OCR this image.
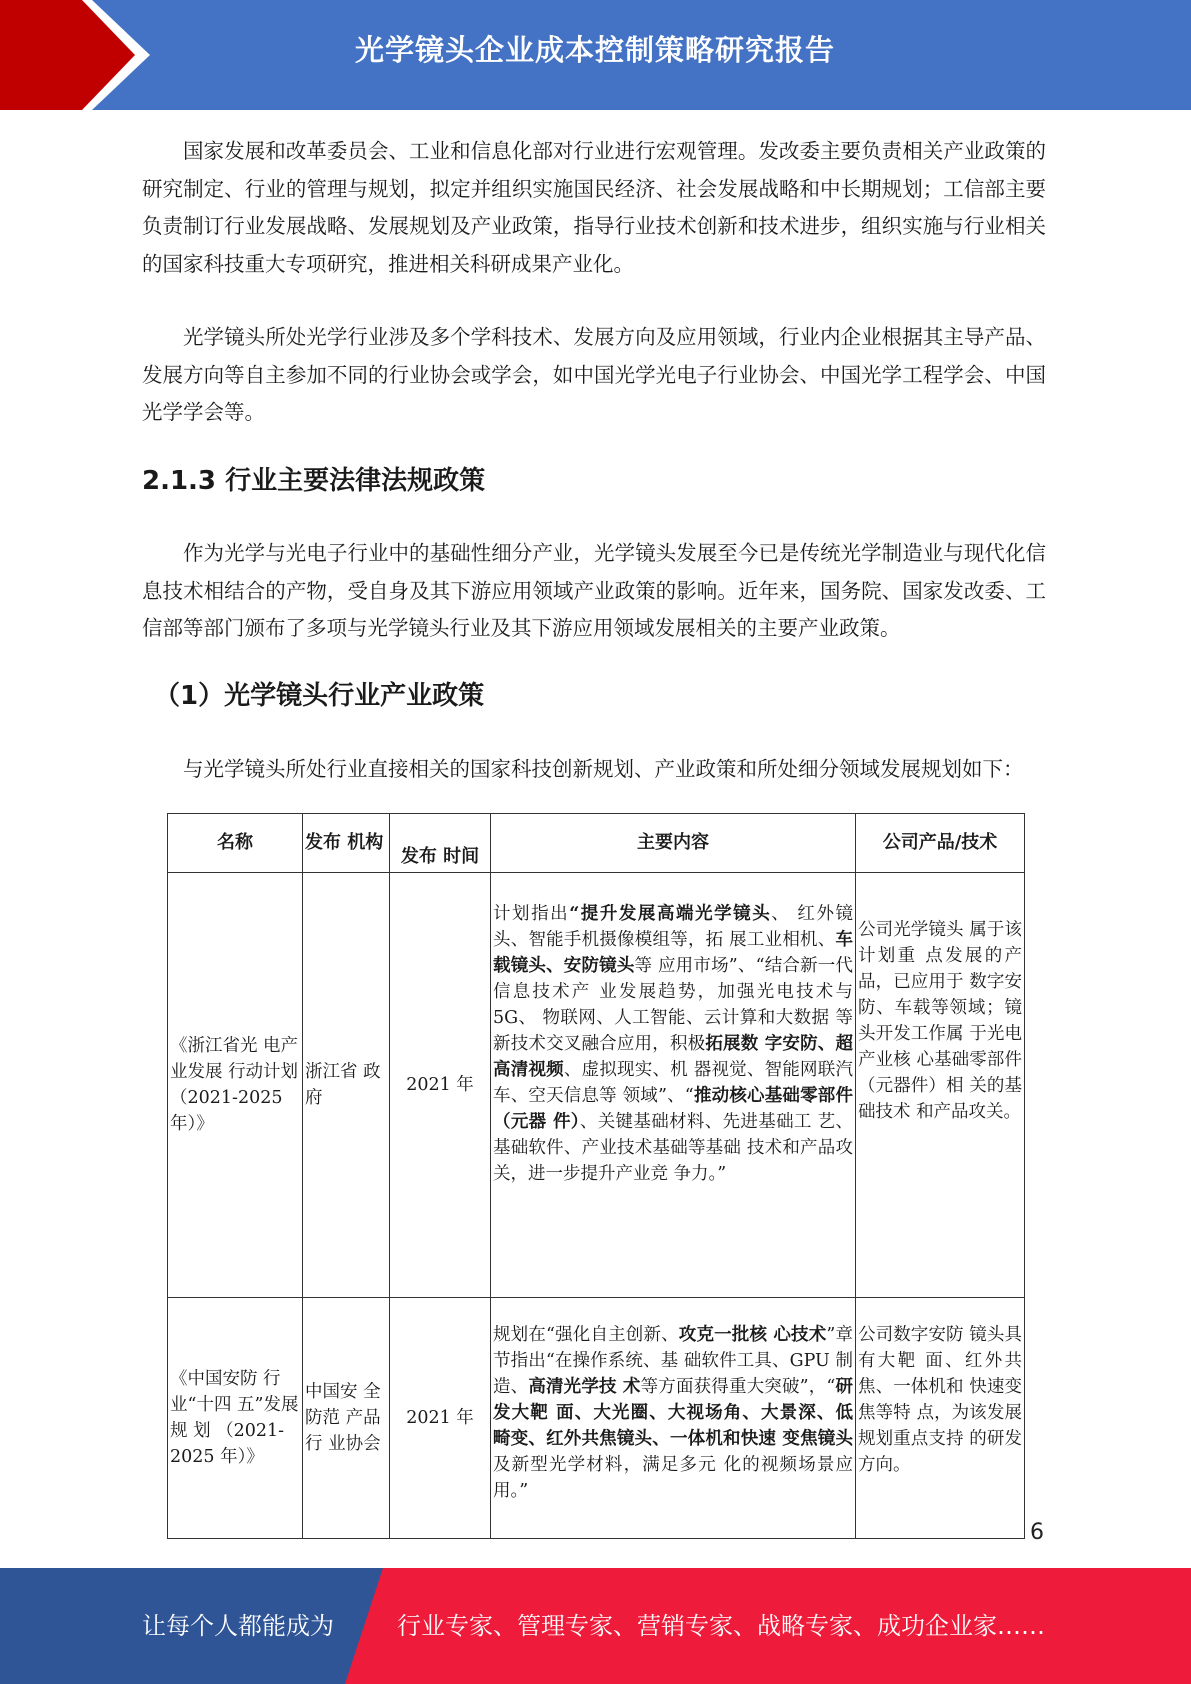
光学镜头企业成本控制策略研究报告

国家发展和改革委员会、工业和信息化部对行业进行宏观管理。发改委主要负责相关产业政策的研究制定、行业的管理与规划，拟定并组织实施国民经济、社会发展战略和中长期规划；工信部主要负责制订行业发展战略、发展规划及产业政策，指导行业技术创新和技术进步，组织实施与行业相关的国家科技重大专项研究，推进相关科研成果产业化。

光学镜头所处光学行业涉及多个学科技术、发展方向及应用领域，行业内企业根据其主导产品、发展方向等自主参加不同的行业协会或学会，如中国光学光电子行业协会、中国光学工程学会、中国光学学会等。

2.1.3 行业主要法律法规政策

作为光学与光电子行业中的基础性细分产业，光学镜头发展至今已是传统光学制造业与现代化信息技术相结合的产物，受自身及其下游应用领域产业政策的影响。近年来，国务院、国家发改委、工信部等部门颁布了多项与光学镜头行业及其下游应用领域发展相关的主要产业政策。

（1）光学镜头行业产业政策

与光学镜头所处行业直接相关的国家科技创新规划、产业政策和所处细分领域发展规划如下：

名称	发布 机构	发布 时间	主要内容	公司产品/技术
《浙江省光 电产业发展 行动计划 （2021-2025 年）》	浙江省 政府	2021 年	计划指出“提升发展高端光学镜头、 红外镜头、智能手机摄像模组等，拓 展工业相机、车载镜头、安防镜头等 应用市场”、“结合新一代信息技术产 业发展趋势，加强光电技术与 5G、 物联网、人工智能、云计算和大数据 等新技术交叉融合应用，积极拓展数 字安防、超高清视频、虚拟现实、机 器视觉、智能网联汽车、空天信息等 领域”、“推动核心基础零部件（元器 件）、关键基础材料、先进基础工 艺、基础软件、产业技术基础等基础 技术和产品攻关，进一步提升产业竞 争力。”	公司光学镜头 属于该计划重 点发展的产 品，已应用于 数字安防、车载等领域；镜 头开发工作属 于光电产业核 心基础零部件 （元器件）相 关的基础技术 和产品攻关。
《中国安防 行业“十四 五”发展规 划 （2021- 2025 年）》	中国安 全防范 产品行 业协会	2021 年	规划在“强化自主创新、攻克一批核 心技术”章节指出“在操作系统、基 础软件工具、GPU 制造、高清光学技 术等方面获得重大突破”，“研发大靶 面、大光圈、大视场角、大景深、低 畸变、红外共焦镜头、一体机和快速 变焦镜头及新型光学材料，满足多元 化的视频场景应用。”	公司数字安防 镜头具有大靶 面、红外共 焦、一体机和 快速变焦等特 点，为该发展 规划重点支持 的研发方向。
6
让每个人都能成为	行业专家、管理专家、营销专家、战略专家、成功企业家……
